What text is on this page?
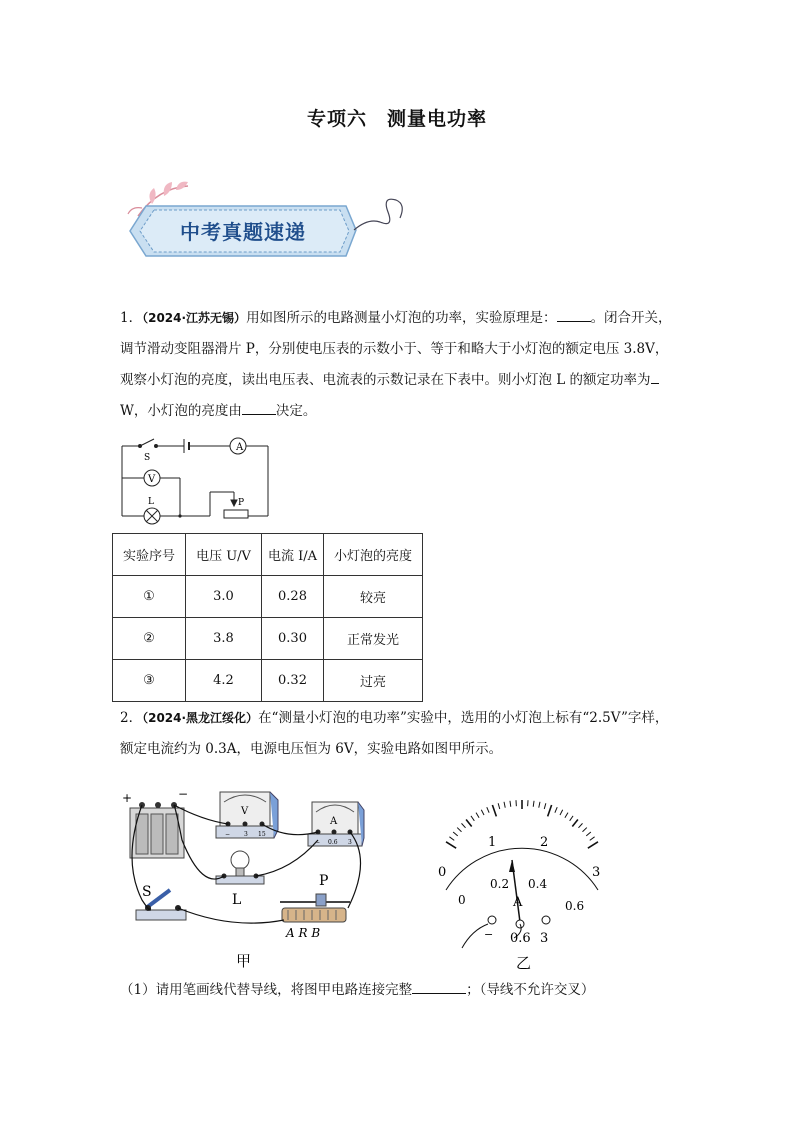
专项六　测量电功率
中考真题速递
1．（2024·江苏无锡）用如图所示的电路测量小灯泡的功率，实验原理是：	。闭合开关，
调节滑动变阻器滑片 P，分别使电压表的示数小于、等于和略大于小灯泡的额定电压 3.8V，
观察小灯泡的亮度，读出电压表、电流表的示数记录在下表中。则小灯泡 L 的额定功率为
W，小灯泡的亮度由	决定。
A
V
S
L	P
实验序号	电压 U/V	电流 I/A	小灯泡的亮度
①	3.0	0.28	较亮
②	3.8	0.30	正常发光
③	4.2	0.32	过亮
2．（2024·黑龙江绥化）在“测量小灯泡的电功率”实验中，选用的小灯泡上标有“2.5V”字样，
额定电流约为 0.3A，电源电压恒为 6V，实验电路如图甲所示。
+	−
V
− 3 15
A
− 0.6 3
L
S
P
A R B
甲
0
1	2
3
0
0.2 0.4
0.6
A
− 0.6 3
乙
（1）请用笔画线代替导线，将图甲电路连接完整	；（导线不允许交叉）
